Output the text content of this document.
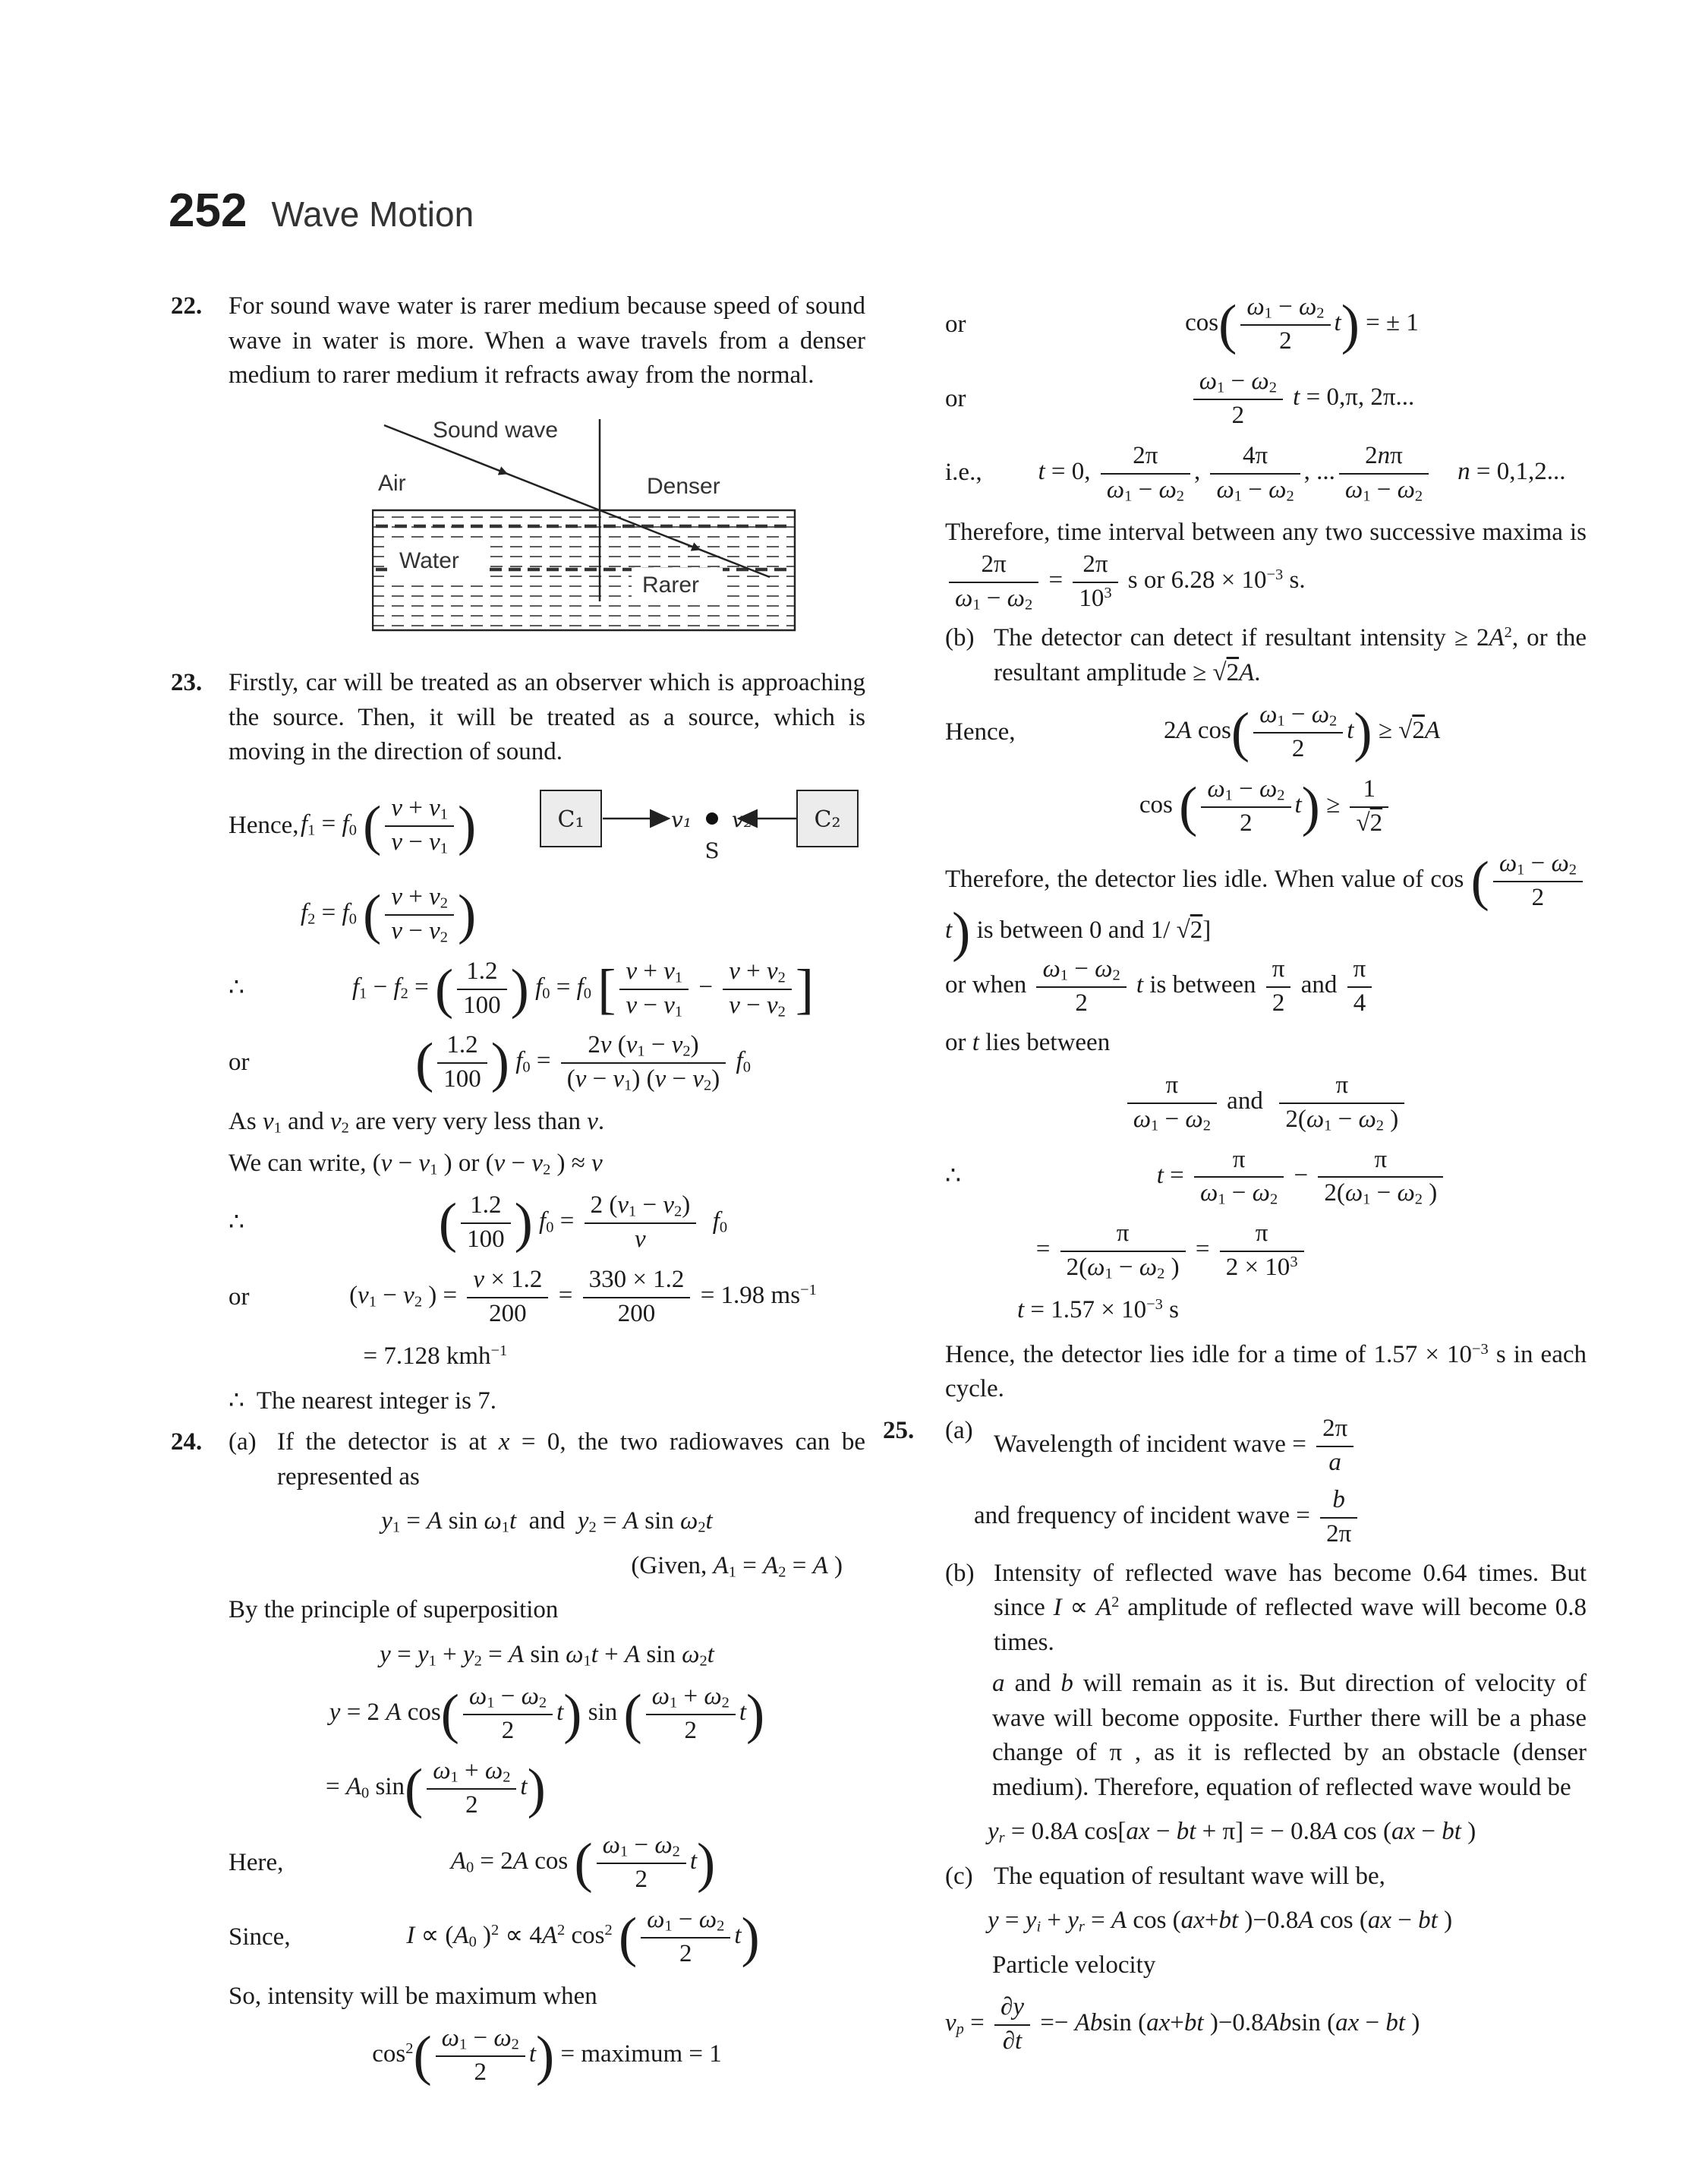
252 Wave Motion
22.	For sound wave water is rarer medium because speed of sound wave in water is more. When a wave travels from a denser medium to rarer medium it refracts away from the normal.
Sound wave
Air	Denser
Water
Rarer
23.	Firstly, car will be treated as an observer which is approaching the source. Then, it will be treated as a source, which is moving in the direction of sound.
Hence, $f_1 = f_0$ ( $\frac{v + v_1}{v - v_1}$ )	C₁	v₁
S
v₂	C₂
$f_2 = f_0$ ( $\frac{v + v_2}{v - v_2}$ )
∴	$f_1 - f_2$ = ( $\frac{1.2}{100}$ ) $f_0 = f_0$ [ $\frac{v + v_1}{v - v_1} - \frac{v + v_2}{v - v_2}$ ]
or	( $\frac{1.2}{100}$ ) $f_0 = \frac{2v (v_1 - v_2)}{(v - v_1) (v - v_2)} f_0$
As $v_1$ and $v_2$ are very very less than v.
We can write, ($v - v_1$ ) or ($v - v_2$ ) ≈ v
∴	( $\frac{1.2}{100}$ ) $f_0 = \frac{2 (v_1 - v_2)}{v} f_0$
or	($v_1 - v_2$ ) = $\frac{v \times 1.2}{200} = \frac{330 \times 1.2}{200} = 1.98$ $ms^{-1}$
= 7.128 kmh$^{-1}$
∴  The nearest integer is 7.
24.	(a) If the detector is at x = 0, the two radiowaves can be represented as
$y_1 = A$ $\sin \omega_1t$  and  $y_2 = A$ $\sin \omega_2t$
(Given, $A_1 = A_2 = A$ )
By the principle of superposition
$y = y_1 + y_2 = A$ $\sin \omega_1t + A$ $\sin \omega_2t$
y = 2 A $\cos( \frac{\omega_1 - \omega_2}{2} t)$ sin ( $\frac{\omega_1 + \omega_2}{2} t$)
= $A_0$ $\sin( \frac{\omega_1 + \omega_2}{2} t)$
Here,	$A_0 = 2A$ cos ( $\frac{\omega_1 - \omega_2}{2} t$)
Since,	$I \propto (A_0$ )$^2 \propto 4A^2$ $\cos^2$ ( $\frac{\omega_1 - \omega_2}{2} t$)
So, intensity will be maximum when
$\cos^2( \frac{\omega_1 - \omega_2}{2} t)$ = maximum = 1
or	$\cos( \frac{\omega_1 - \omega_2}{2} t)$ = ± 1
or	$\frac{\omega_1 - \omega_2}{2}$ t = 0,π, 2π...
i.e.,	t = 0, $\frac{2\pi}{\omega_1 - \omega_2}$ , $\frac{4\pi}{\omega_1 - \omega_2}$ , ... $\frac{2n\pi}{\omega_1 - \omega_2}$ n = 0,1,2...
Therefore, time interval between any two successive maxima is
$\frac{2\pi}{\omega_1 - \omega_2} = \frac{2\pi}{10^3}$ s or $6.28 \times 10^{-3}$ s.
(b) The detector can detect if resultant intensity ≥ $2A^2$, or the resultant amplitude ≥ √2A.
Hence,	2A $\cos( \frac{\omega_1 - \omega_2}{2} t) \ge √2A$
cos ( $\frac{\omega_1 - \omega_2}{2} t) \ge \frac{1}{√2}$
Therefore, the detector lies idle. When value of cos ( $\frac{\omega_1 - \omega_2}{2}$
t) is between 0 and 1/ √2]
or when $\frac{\omega_1 - \omega_2}{2}$ t is between $\frac{\pi}{2}$ and $\frac{\pi}{4}$
or t lies between
$\frac{\pi}{\omega_1 - \omega_2}$ and $\frac{\pi}{2(\omega_1 - \omega_2 )}$
∴	$t = \frac{\pi}{\omega_1 - \omega_2} - \frac{\pi}{2(\omega_1 - \omega_2 )}$
= $\frac{\pi}{2(\omega_1 - \omega_2 )} = \frac{\pi}{2 \times 10^3}$
$t = 1.57 \times 10^{-3}$ s
Hence, the detector lies idle for a time of $1.57 \times 10^{-3}$ s in each cycle.
25.	(a)
Wavelength of incident wave = $\frac{2\pi}{a}$
and frequency of incident wave = $\frac{b}{2\pi}$
(b) Intensity of reflected wave has become 0.64 times. But since $I \propto A^2$ amplitude of reflected wave will become 0.8 times.
a and b will remain as it is. But direction of velocity of wave will become opposite. Further there will be a phase change of π , as it is reflected by an obstacle (denser medium). Therefore, equation of reflected wave would be
$y_r = 0.8A$ cos[ax − bt + π] = − 0.8A cos (ax − bt )
(c) The equation of resultant wave will be,
$y = y_i + y_r = A$ cos (ax+bt )−0.8A cos (ax − bt )
Particle velocity
$v_p = \frac{\partial y}{\partial t} =- Absin$ (ax+bt )−0.8Absin (ax − bt )
